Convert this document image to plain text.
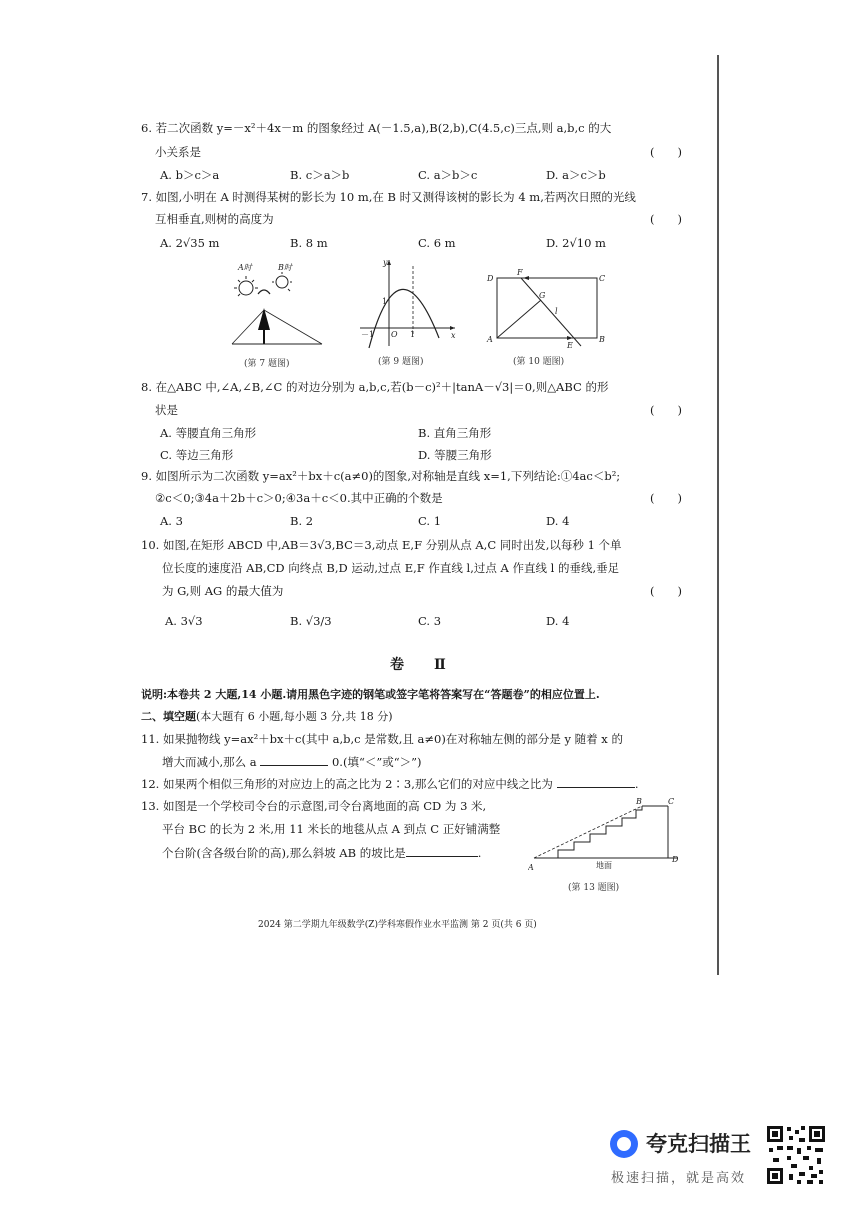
6. 若二次函数 y=－x²＋4x－m 的图象经过 A(－1.5,a),B(2,b),C(4.5,c)三点,则 a,b,c 的大
小关系是	(　　)
A. b＞c＞a	B. c＞a＞b	C. a＞b＞c	D. a＞c＞b
7. 如图,小明在 A 时测得某树的影长为 10 m,在 B 时又测得该树的影长为 4 m,若两次日照的光线
互相垂直,则树的高度为	(　　)
A. 2√35 m	B. 8 m	C. 6 m	D. 2√10 m
A时	B时
(第 7 题图)
y
x
O
－1
1
1
(第 9 题图)
D	C
A	B
F
G
l
E
(第 10 题图)
8. 在△ABC 中,∠A,∠B,∠C 的对边分别为 a,b,c,若(b－c)²＋|tanA－√3|＝0,则△ABC 的形
状是	(　　)
A. 等腰直角三角形	B. 直角三角形
C. 等边三角形	D. 等腰三角形
9. 如图所示为二次函数 y=ax²＋bx＋c(a≠0)的图象,对称轴是直线 x=1,下列结论:①4ac＜b²;
②c＜0;③4a＋2b＋c＞0;④3a＋c＜0.其中正确的个数是	(　　)
A. 3	B. 2	C. 1	D. 4
10. 如图,在矩形 ABCD 中,AB＝3√3,BC＝3,动点 E,F 分别从点 A,C 同时出发,以每秒 1 个单
位长度的速度沿 AB,CD 向终点 B,D 运动,过点 E,F 作直线 l,过点 A 作直线 l 的垂线,垂足
为 G,则 AG 的最大值为	(　　)
A. 3√3	B. √3/3	C. 3	D. 4
卷　Ⅱ
说明:本卷共 2 大题,14 小题.请用黑色字迹的钢笔或签字笔将答案写在“答题卷”的相应位置上.
二、填空题(本大题有 6 小题,每小题 3 分,共 18 分)
11. 如果抛物线 y=ax²＋bx＋c(其中 a,b,c 是常数,且 a≠0)在对称轴左侧的部分是 y 随着 x 的
增大而减小,那么 a	0.(填“＜”或“＞”)
12. 如果两个相似三角形的对应边上的高之比为 2∶3,那么它们的对应中线之比为	.
13. 如图是一个学校司令台的示意图,司令台离地面的高 CD 为 3 米,
平台 BC 的长为 2 米,用 11 米长的地毯从点 A 到点 C 正好铺满整
个台阶(含各级台阶的高),那么斜坡 AB 的坡比是	.
A
B	C
D
地面
(第 13 题图)
2024 第二学期九年级数学(Z)学科寒假作业水平监测 第 2 页(共 6 页)
夸克扫描王
极速扫描，就是高效
